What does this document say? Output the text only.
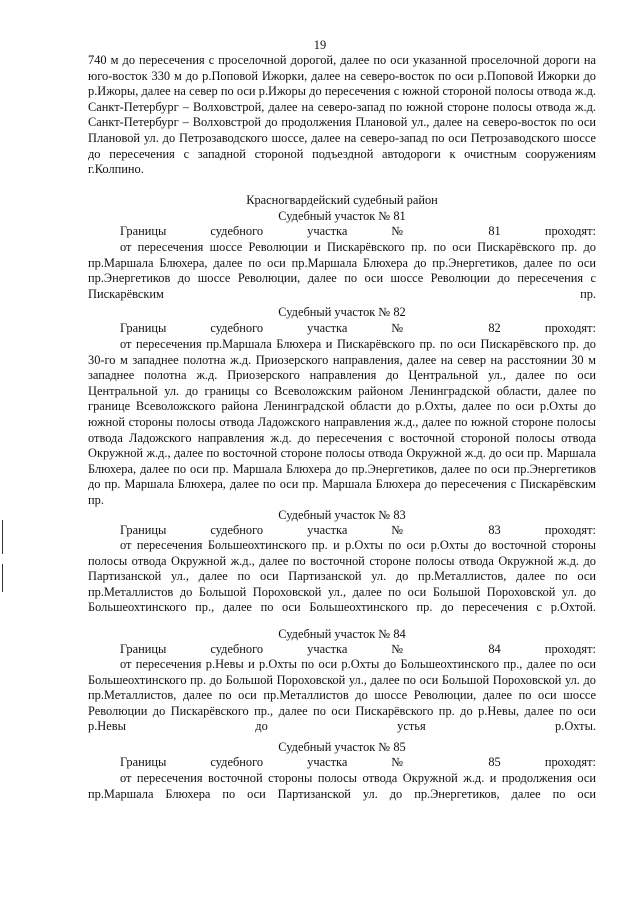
19

740 м до пересечения с проселочной дорогой, далее по оси указанной проселочной дороги на юго-восток 330 м до р.Поповой Ижорки, далее на северо-восток по оси р.Поповой Ижорки до р.Ижоры, далее на север по оси р.Ижоры до пересечения с южной стороной полосы отвода ж.д. Санкт-Петербург – Волховстрой, далее на северо-запад по южной стороне полосы отвода ж.д. Санкт-Петербург – Волховстрой до продолжения Плановой ул., далее на северо-восток по оси Плановой ул. до Петрозаводского шоссе, далее на северо-запад по оси Петрозаводского шоссе до пересечения с западной стороной подъездной автодороги к очистным сооружениям г.Колпино.

Красногвардейский судебный район
Судебный участок № 81

Границы судебного участка № 81 проходят:

от пересечения шоссе Революции и Пискарёвского пр. по оси Пискарёвского пр. до пр.Маршала Блюхера, далее по оси пр.Маршала Блюхера до пр.Энергетиков, далее по оси пр.Энергетиков до шоссе Революции, далее по оси шоссе Революции до пересечения с Пискарёвским пр.

Судебный участок № 82

Границы судебного участка № 82 проходят:

от пересечения пр.Маршала Блюхера и Пискарёвского пр. по оси Пискарёвского пр. до 30-го м западнее полотна ж.д. Приозерского направления, далее на север на расстоянии 30 м западнее полотна ж.д. Приозерского направления до Центральной ул., далее по оси Центральной ул. до границы со Всеволожским районом Ленинградской области, далее по границе Всеволожского района Ленинградской области до р.Охты, далее по оси р.Охты до южной стороны полосы отвода Ладожского направления ж.д., далее по южной стороне полосы отвода Ладожского направления ж.д. до пересечения с восточной стороной полосы отвода Окружной ж.д., далее по восточной стороне полосы отвода Окружной ж.д. до оси пр. Маршала Блюхера, далее по оси пр. Маршала Блюхера до пр.Энергетиков, далее по оси пр.Энергетиков до пр. Маршала Блюхера, далее по оси пр. Маршала Блюхера до пересечения с Пискарёвским пр.

Судебный участок № 83

Границы судебного участка № 83 проходят:

от пересечения Большеохтинского пр. и р.Охты по оси р.Охты до восточной стороны полосы отвода Окружной ж.д., далее по восточной стороне полосы отвода Окружной ж.д. до Партизанской ул., далее по оси Партизанской ул. до пр.Металлистов, далее по оси пр.Металлистов до Большой Пороховской ул., далее по оси Большой Пороховской ул. до Большеохтинского пр., далее по оси Большеохтинского пр. до пересечения с р.Охтой.

Судебный участок № 84

Границы судебного участка № 84 проходят:

от пересечения р.Невы и р.Охты по оси р.Охты до Большеохтинского пр., далее по оси Большеохтинского пр. до Большой Пороховской ул., далее по оси Большой Пороховской ул. до пр.Металлистов, далее по оси пр.Металлистов до шоссе Революции, далее по оси шоссе Революции до Пискарёвского пр., далее по оси Пискарёвского пр. до р.Невы, далее по оси р.Невы до устья р.Охты.

Судебный участок № 85

Границы судебного участка № 85 проходят:

от пересечения восточной стороны полосы отвода Окружной ж.д. и продолжения оси пр.Маршала Блюхера по оси Партизанской ул. до пр.Энергетиков, далее по оси
